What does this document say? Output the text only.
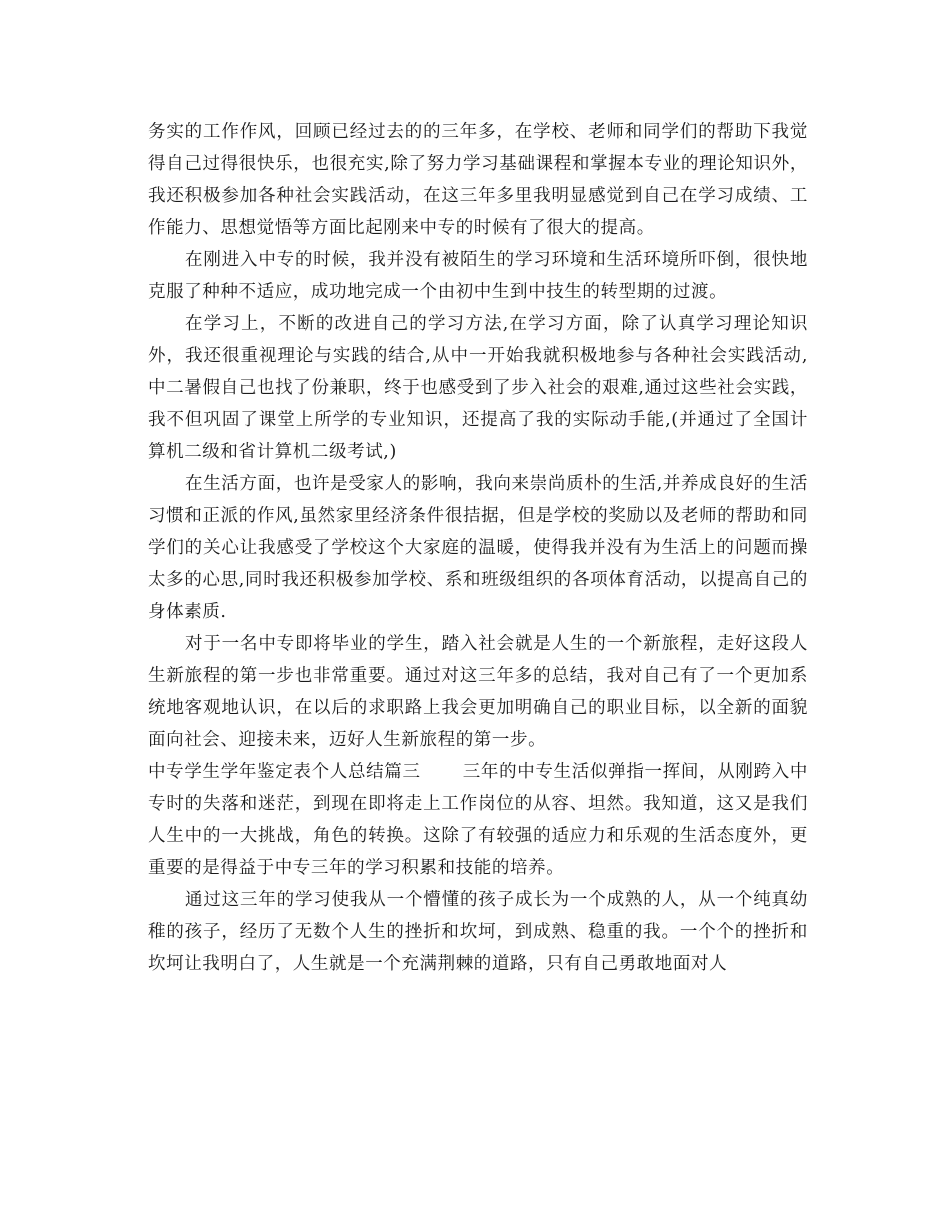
务实的工作作风，回顾已经过去的的三年多，在学校、老师和同学们的帮助下我觉得自己过得很快乐，也很充实,除了努力学习基础课程和掌握本专业的理论知识外，我还积极参加各种社会实践活动，在这三年多里我明显感觉到自己在学习成绩、工作能力、思想觉悟等方面比起刚来中专的时候有了很大的提高。

在刚进入中专的时候，我并没有被陌生的学习环境和生活环境所吓倒，很快地克服了种种不适应，成功地完成一个由初中生到中技生的转型期的过渡。

在学习上，不断的改进自己的学习方法,在学习方面，除了认真学习理论知识外，我还很重视理论与实践的结合,从中一开始我就积极地参与各种社会实践活动,中二暑假自己也找了份兼职，终于也感受到了步入社会的艰难,通过这些社会实践，我不但巩固了课堂上所学的专业知识，还提高了我的实际动手能,(并通过了全国计算机二级和省计算机二级考试,)

在生活方面，也许是受家人的影响，我向来崇尚质朴的生活,并养成良好的生活习惯和正派的作风,虽然家里经济条件很拮据，但是学校的奖励以及老师的帮助和同学们的关心让我感受了学校这个大家庭的温暖，使得我并没有为生活上的问题而操太多的心思,同时我还积极参加学校、系和班级组织的各项体育活动，以提高自己的身体素质.

对于一名中专即将毕业的学生，踏入社会就是人生的一个新旅程，走好这段人生新旅程的第一步也非常重要。通过对这三年多的总结，我对自己有了一个更加系统地客观地认识，在以后的求职路上我会更加明确自己的职业目标，以全新的面貌面向社会、迎接未来，迈好人生新旅程的第一步。

中专学生学年鉴定表个人总结篇三 三年的中专生活似弹指一挥间，从刚跨入中专时的失落和迷茫，到现在即将走上工作岗位的从容、坦然。我知道，这又是我们人生中的一大挑战，角色的转换。这除了有较强的适应力和乐观的生活态度外，更重要的是得益于中专三年的学习积累和技能的培养。

通过这三年的学习使我从一个懵懂的孩子成长为一个成熟的人，从一个纯真幼稚的孩子，经历了无数个人生的挫折和坎坷，到成熟、稳重的我。一个个的挫折和坎坷让我明白了，人生就是一个充满荆棘的道路，只有自己勇敢地面对人
